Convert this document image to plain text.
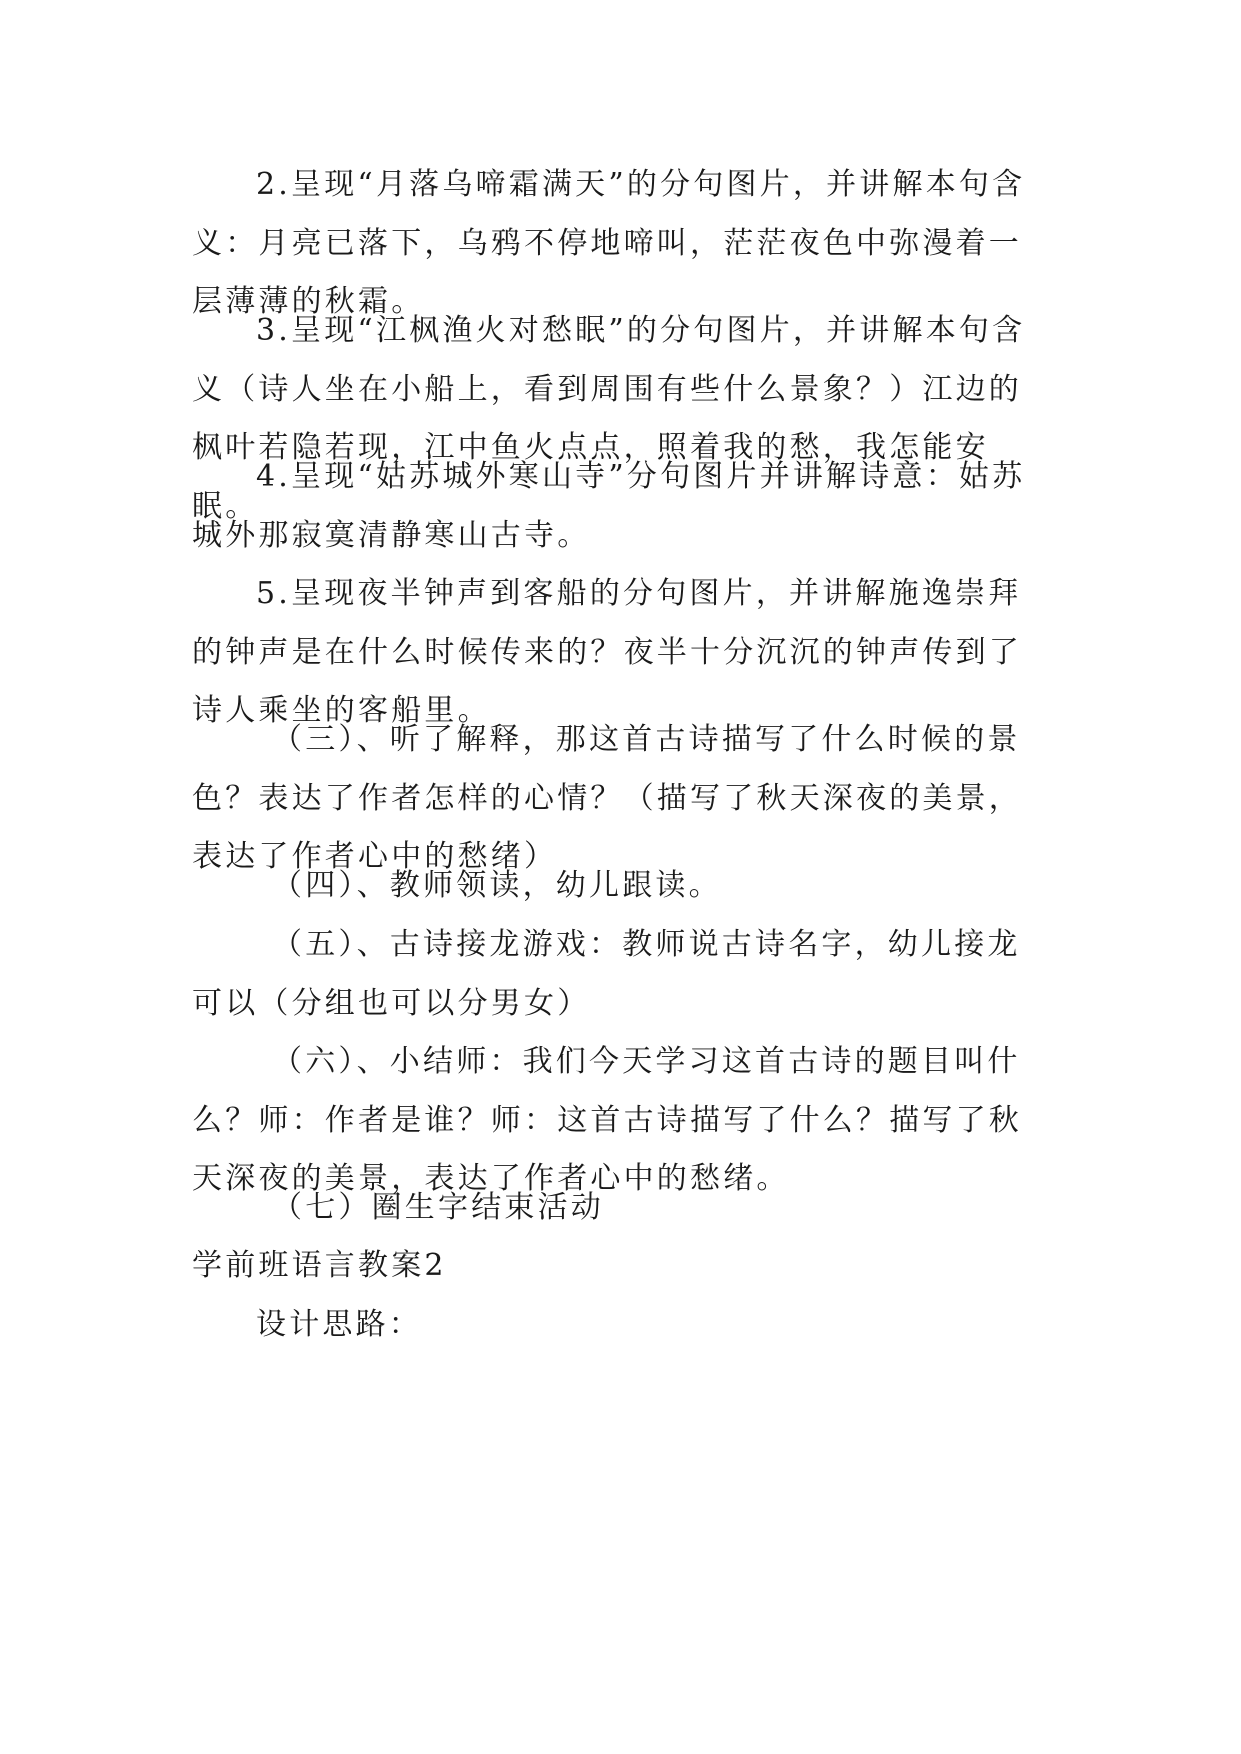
2.呈现“月落乌啼霜满天”的分句图片，并讲解本句含义：月亮已落下，乌鸦不停地啼叫，茫茫夜色中弥漫着一层薄薄的秋霜。

3.呈现“江枫渔火对愁眠”的分句图片，并讲解本句含义（诗人坐在小船上，看到周围有些什么景象？）江边的枫叶若隐若现，江中鱼火点点，照着我的愁，我怎能安眠。

4.呈现“姑苏城外寒山寺”分句图片并讲解诗意：姑苏城外那寂寞清静寒山古寺。

5.呈现夜半钟声到客船的分句图片，并讲解施逸崇拜的钟声是在什么时候传来的？夜半十分沉沉的钟声传到了诗人乘坐的客船里。

（三）、听了解释，那这首古诗描写了什么时候的景色？表达了作者怎样的心情？（描写了秋天深夜的美景，表达了作者心中的愁绪）

（四）、教师领读，幼儿跟读。

（五）、古诗接龙游戏：教师说古诗名字，幼儿接龙可以（分组也可以分男女）

（六）、小结师：我们今天学习这首古诗的题目叫什么？师：作者是谁？师：这首古诗描写了什么？描写了秋天深夜的美景，表达了作者心中的愁绪。

（七）圈生字结束活动

学前班语言教案2

设计思路：
